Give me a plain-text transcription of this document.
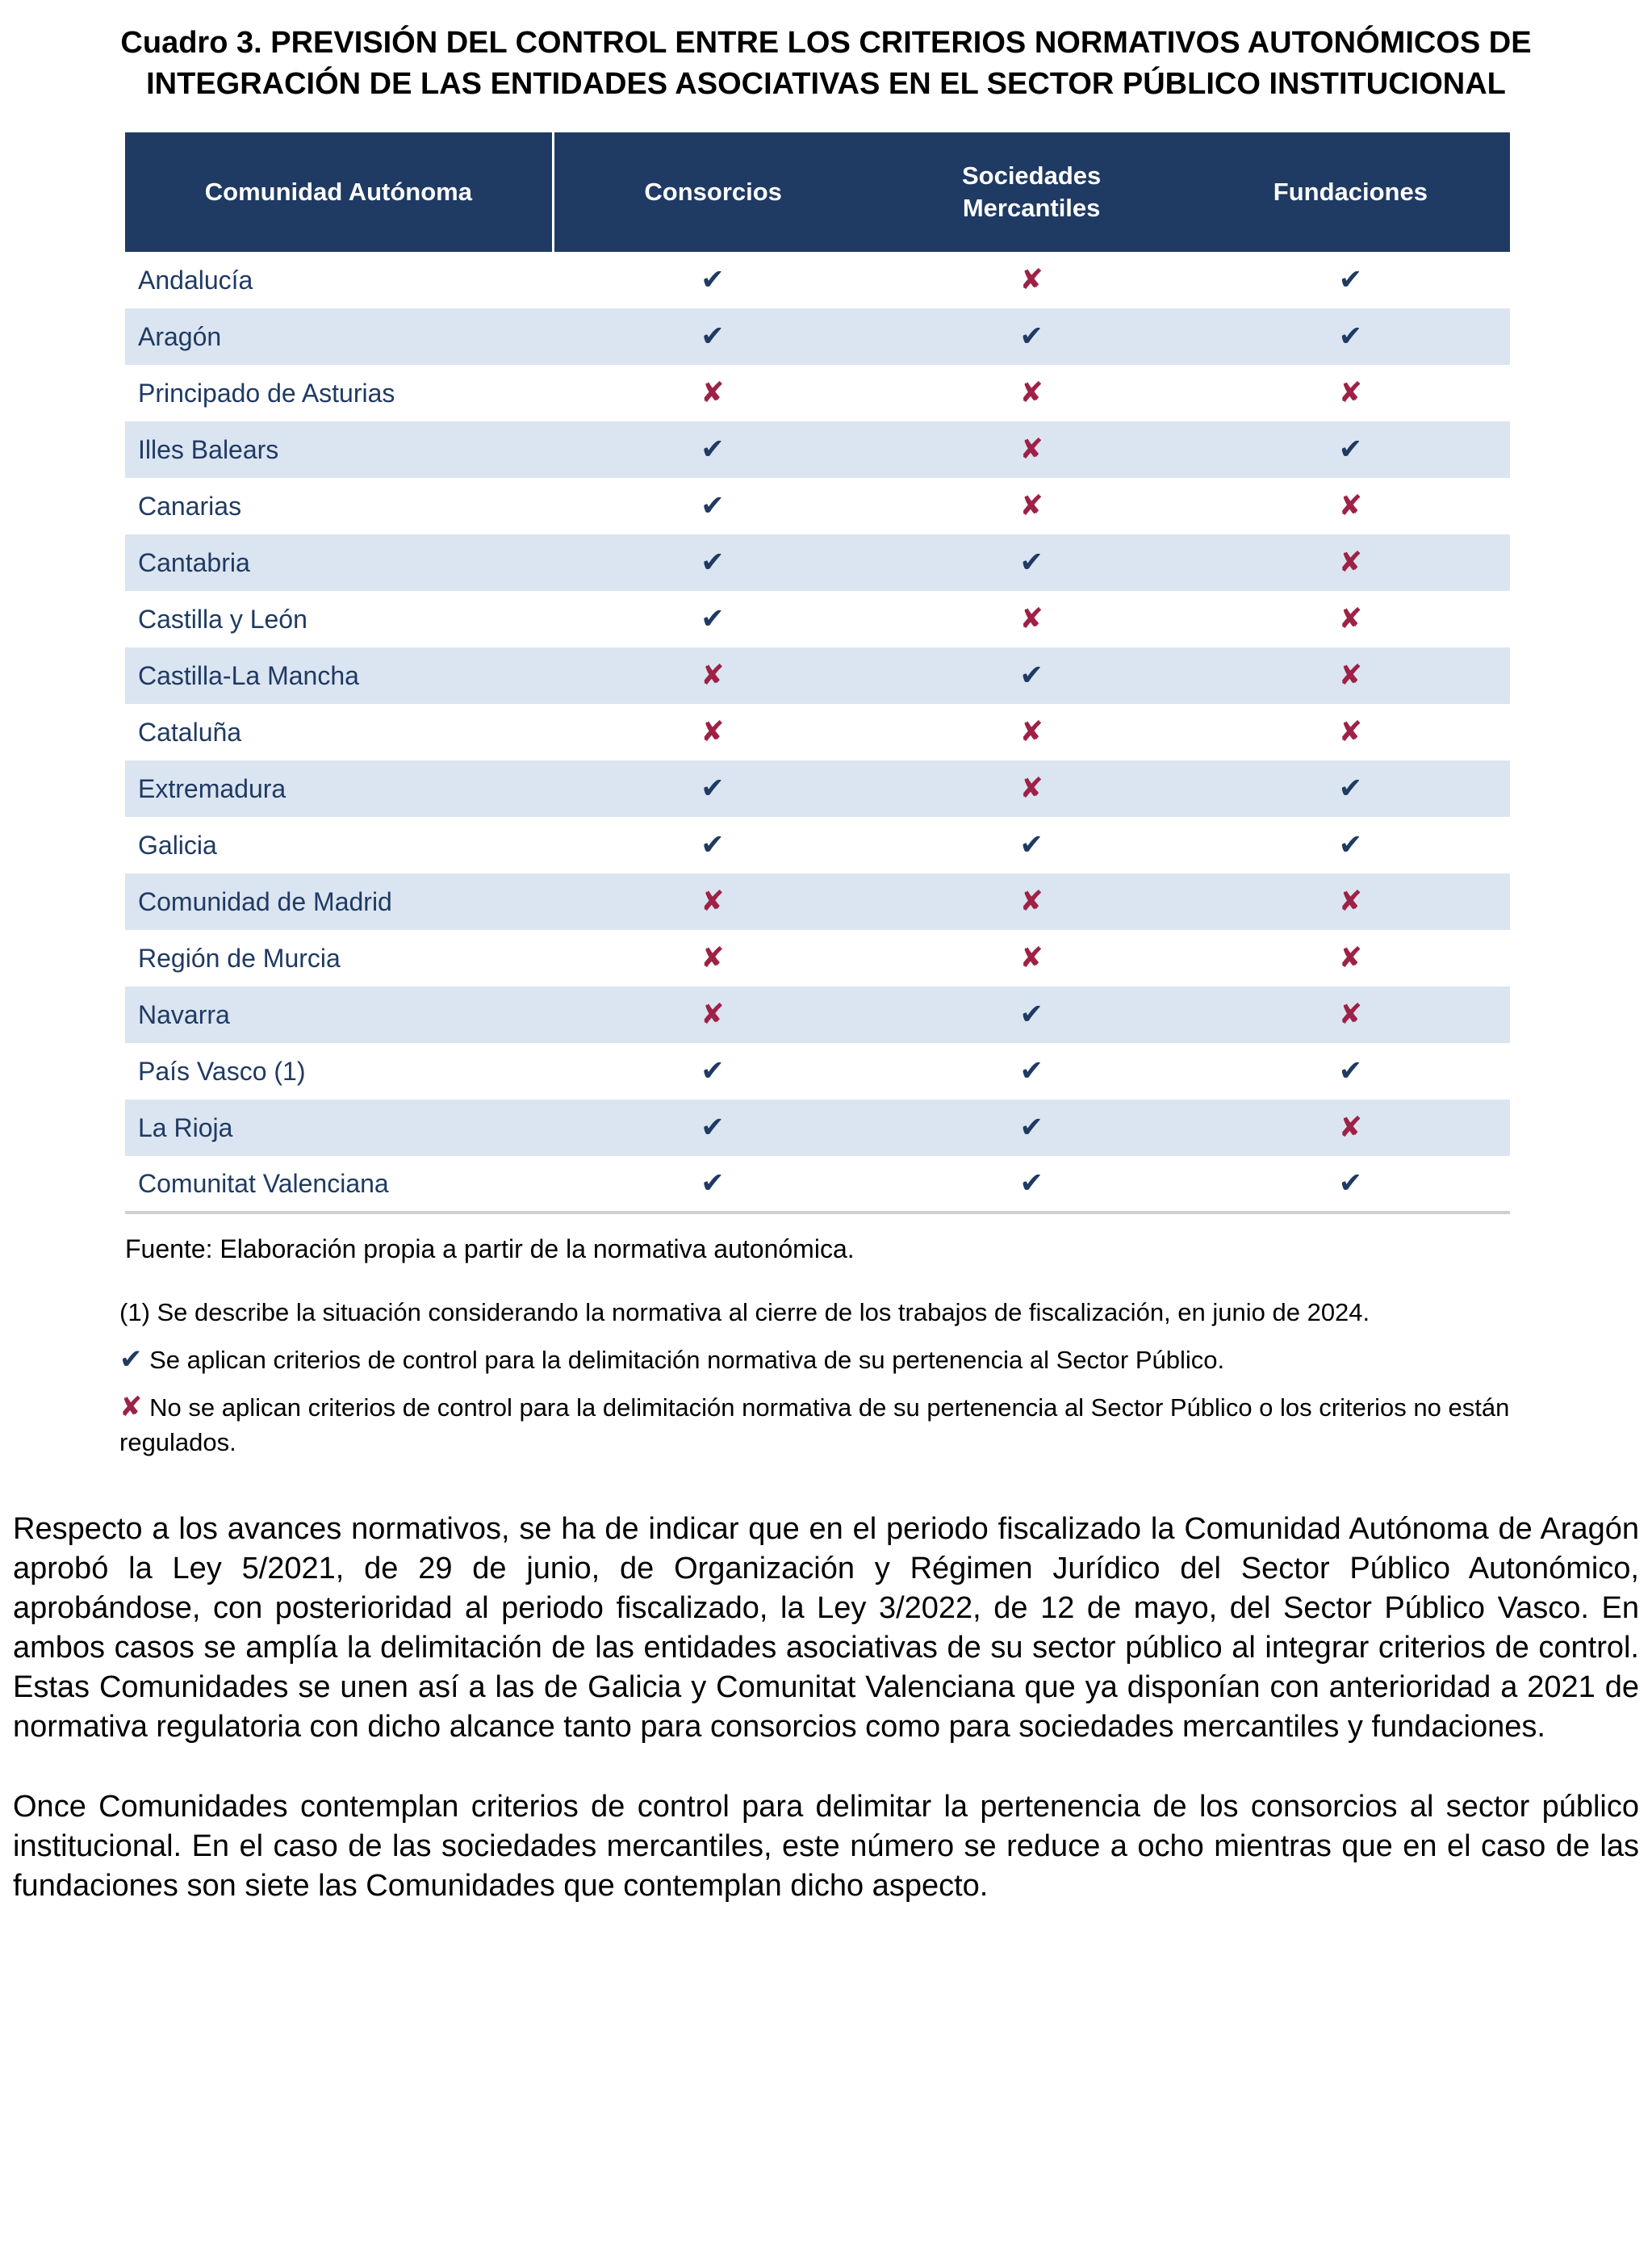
Cuadro 3. PREVISIÓN DEL CONTROL ENTRE LOS CRITERIOS NORMATIVOS AUTONÓMICOS DE INTEGRACIÓN DE LAS ENTIDADES ASOCIATIVAS EN EL SECTOR PÚBLICO INSTITUCIONAL
Comunidad Autónoma	Consorcios	Sociedades Mercantiles	Fundaciones
Andalucía	✔	✘	✔
Aragón	✔	✔	✔
Principado de Asturias	✘	✘	✘
Illes Balears	✔	✘	✔
Canarias	✔	✘	✘
Cantabria	✔	✔	✘
Castilla y León	✔	✘	✘
Castilla-La Mancha	✘	✔	✘
Cataluña	✘	✘	✘
Extremadura	✔	✘	✔
Galicia	✔	✔	✔
Comunidad de Madrid	✘	✘	✘
Región de Murcia	✘	✘	✘
Navarra	✘	✔	✘
País Vasco (1)	✔	✔	✔
La Rioja	✔	✔	✘
Comunitat Valenciana	✔	✔	✔

Fuente: Elaboración propia a partir de la normativa autonómica.

(1) Se describe la situación considerando la normativa al cierre de los trabajos de fiscalización, en junio de 2024.

✔ Se aplican criterios de control para la delimitación normativa de su pertenencia al Sector Público.

✘ No se aplican criterios de control para la delimitación normativa de su pertenencia al Sector Público o los criterios no están regulados.

Respecto a los avances normativos, se ha de indicar que en el periodo fiscalizado la Comunidad Autónoma de Aragón aprobó la Ley 5/2021, de 29 de junio, de Organización y Régimen Jurídico del Sector Público Autonómico, aprobándose, con posterioridad al periodo fiscalizado, la Ley 3/2022, de 12 de mayo, del Sector Público Vasco. En ambos casos se amplía la delimitación de las entidades asociativas de su sector público al integrar criterios de control. Estas Comunidades se unen así a las de Galicia y Comunitat Valenciana que ya disponían con anterioridad a 2021 de normativa regulatoria con dicho alcance tanto para consorcios como para sociedades mercantiles y fundaciones.

Once Comunidades contemplan criterios de control para delimitar la pertenencia de los consorcios al sector público institucional. En el caso de las sociedades mercantiles, este número se reduce a ocho mientras que en el caso de las fundaciones son siete las Comunidades que contemplan dicho aspecto.
